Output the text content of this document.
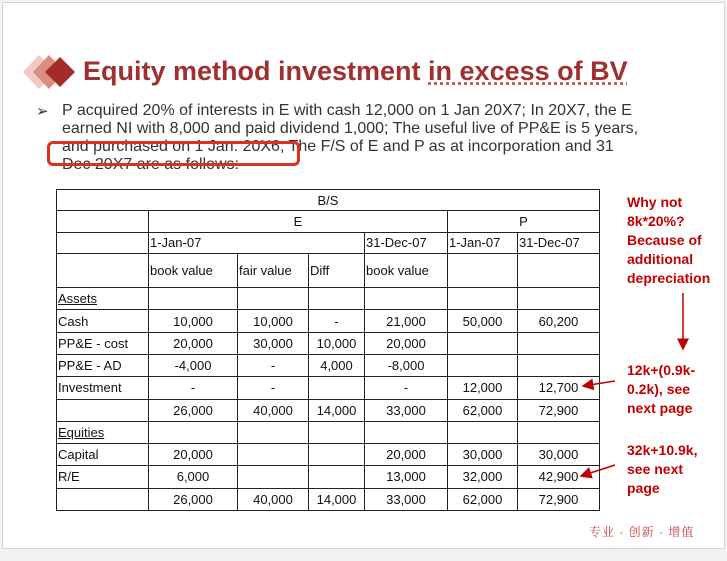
Equity method investment in excess of BV
➢ P acquired 20% of interests in E with cash 12,000 on 1 Jan 20X7; In 20X7, the E
earned NI with 8,000 and paid dividend 1,000; The useful live of PP&E is 5 years,
and purchased on 1 Jan. 20X6; The F/S of E and P as at incorporation and 31
Dec 20X7 are as follows:

B/S						
	E				P	
	1-Jan-07			31-Dec-07	1-Jan-07	31-Dec-07
	book value	fair value	Diff	book value		
Assets						
Cash	10,000	10,000	-	21,000	50,000	60,200
PP&E - cost	20,000	30,000	10,000	20,000		
PP&E - AD	-4,000	-	4,000	-8,000		
Investment	-	-		-	12,000	12,700
	26,000	40,000	14,000	33,000	62,000	72,900
Equities						
Capital	20,000			20,000	30,000	30,000
R/E	6,000			13,000	32,000	42,900
	26,000	40,000	14,000	33,000	62,000	72,900
Why not
8k*20%?
Because of
additional
depreciation
12k+(0.9k-
0.2k), see
next page
32k+10.9k,
see next
page
专业 · 创新 · 增值
